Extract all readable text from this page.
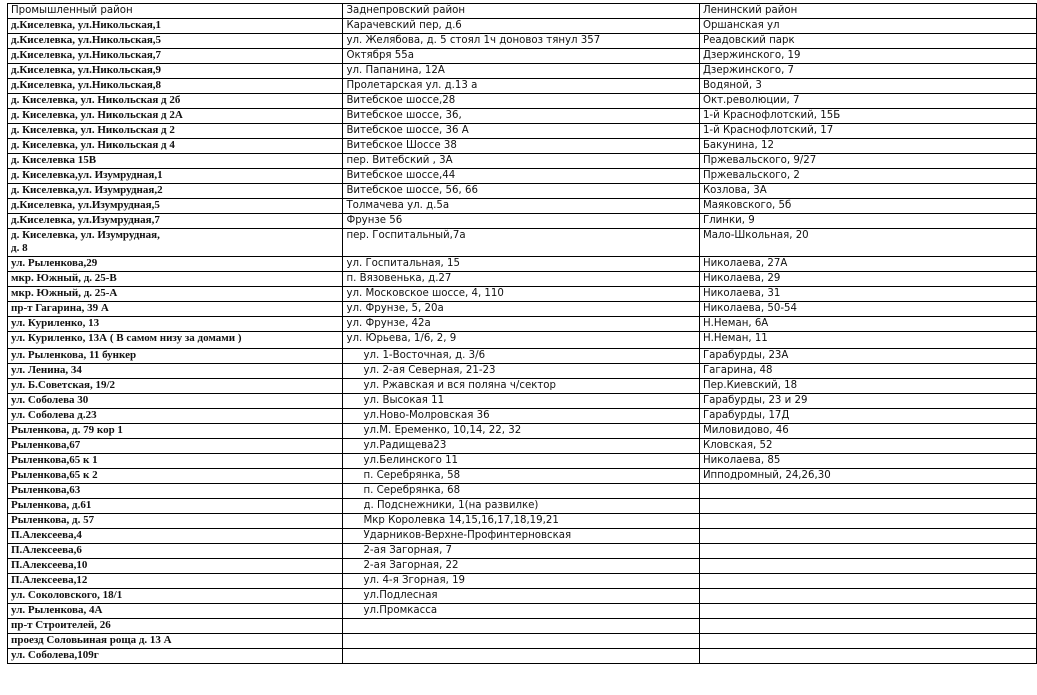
Промышленный район	Заднепровский район	Ленинский район
д.Киселевка, ул.Никольская,1	Карачевский пер, д.6	Оршанская ул
д.Киселевка, ул.Никольская,5	ул. Желябова, д. 5 стоял 1ч доновоз тянул 357	Реадовский парк
д.Киселевка, ул.Никольская,7	Октября 55а	Дзержинского, 19
д.Киселевка, ул.Никольская,9	ул. Папанина, 12А	Дзержинского, 7
д.Киселевка, ул.Никольская,8	Пролетарская ул. д.13 а	Водяной, 3
д. Киселевка, ул. Никольская д 2б	Витебское шоссе,28	Окт.революции, 7
д. Киселевка, ул. Никольская д 2А	Витебское шоссе, 36,	1-й Краснофлотский, 15Б
д. Киселевка, ул. Никольская д 2	Витебское шоссе, 36 А	1-й Краснофлотский, 17
д. Киселевка, ул. Никольская д 4	Витебское Шоссе 38	Бакунина, 12
д. Киселевка 15В	пер. Витебский , 3А	Пржевальского, 9/27
д. Киселевка,ул. Изумрудная,1	Витебское шоссе,44	Пржевальского, 2
д. Киселевка,ул. Изумрудная,2	Витебское шоссе, 56, 66	Козлова, 3А
д.Киселевка, ул.Изумрудная,5	Толмачева ул. д.5а	Маяковского, 5б
д.Киселевка, ул.Изумрудная,7	Фрунзе 56	Глинки, 9
д. Киселевка, ул. Изумрудная,
д. 8	пер. Госпитальный,7а	Мало-Школьная, 20
ул. Рыленкова,29	ул. Госпитальная, 15	Николаева, 27А
мкр. Южный, д. 25-В	п. Вязовенька, д.27	Николаева, 29
мкр. Южный, д. 25-А	ул. Московское шоссе, 4, 110	Николаева, 31
пр-т Гагарина, 39 А	ул. Фрунзе, 5, 20а	Николаева, 50-54
ул. Куриленко, 13	ул. Фрунзе, 42а	Н.Неман, 6А
ул. Куриленко, 13А ( В самом низу за домами )	ул. Юрьева, 1/6, 2, 9	Н.Неман, 11
ул. Рыленкова, 11 бункер	ул. 1-Восточная, д. 3/6	Гарабурды, 23А
ул. Ленина, 34	ул. 2-ая Северная, 21-23	Гагарина, 48
ул. Б.Советская, 19/2	ул. Ржавская и вся поляна ч/сектор	Пер.Киевский, 18
ул. Соболева 30	ул. Высокая 11	Гарабурды, 23 и 29
ул. Соболева д.23	ул.Ново-Молровская 36	Гарабурды, 17Д
Рыленкова, д. 79 кор 1	ул.М. Еременко, 10,14, 22, 32	Миловидово, 46
Рыленкова,67	ул.Радищева23	Кловская, 52
Рыленкова,65 к 1	ул.Белинского 11	Николаева, 85
Рыленкова,65 к 2	п. Серебрянка, 58	Ипподромный, 24,26,30
Рыленкова,63	п. Серебрянка, 68	
Рыленкова, д.61	д. Подснежники, 1(на развилке)	
Рыленкова, д. 57	Мкр Королевка 14,15,16,17,18,19,21	
П.Алексеева,4	Ударников-Верхне-Профинтерновская	
П.Алексеева,6	2-ая Загорная, 7	
П.Алексеева,10	2-ая Загорная, 22	
П.Алексеева,12	ул. 4-я Згорная, 19	
ул. Соколовского, 18/1	ул.Подлесная	
ул. Рыленкова, 4А	ул.Промкасса	
пр-т Строителей, 26		
проезд Соловьиная роща д. 13 А		
ул. Соболева,109г		
